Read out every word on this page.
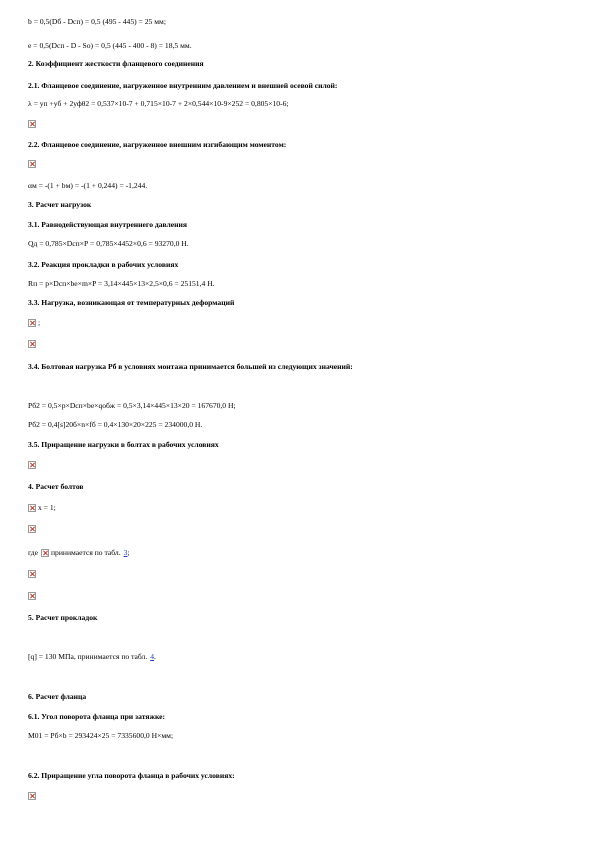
b = 0,5(Dб - Dсп) = 0,5 (495 - 445) = 25 мм;
e = 0,5(Dсп - D - So) = 0,5 (445 - 400 - 8) = 18,5 мм.
2. Коэффициент жесткости фланцевого соединения
2.1. Фланцевое соединение, нагруженное внутренним давлением и внешней осевой силой:
λ = уп +уб + 2уфθ2 = 0,537×10-7 + 0,715×10-7 + 2×0,544×10-9×252 = 0,805×10-6;
2.2. Фланцевое соединение, нагруженное внешним изгибающим моментом:
αм = -(1 + bм) = -(1 + 0,244) = -1,244.
3. Расчет нагрузок
3.1. Равнодействующая внутреннего давления
Qд = 0,785×Dсп×Р = 0,785×4452×0,6 = 93270,0 Н.
3.2. Реакция прокладки в рабочих условиях
Rп = p×Dсп×bе×m×P = 3,14×445×13×2,5×0,6 = 25151,4 Н.
3.3. Нагрузка, возникающая от температурных деформаций
;
3.4. Болтовая нагрузка Рб в условиях монтажа принимается большей из следующих значений:
Pб2 = 0,5×p×Dсп×bе×qобж = 0,5×3,14×445×13×20 = 167670,0 Н;
Pб2 = 0,4[s]20б×n×fб = 0,4×130×20×225 = 234000,0 Н.
3.5. Приращение нагрузки в болтах в рабочих условиях
4. Расчет болтов
x = 1;
где принимается по табл. 3 ;
5. Расчет прокладок
[q] = 130 МПа, принимается по табл. 4 .
6. Расчет фланца
6.1. Угол поворота фланца при затяжке:
M01 = Pб×b = 293424×25 = 7335600,0 Н×мм;
6.2. Приращение угла поворота фланца в рабочих условиях:
